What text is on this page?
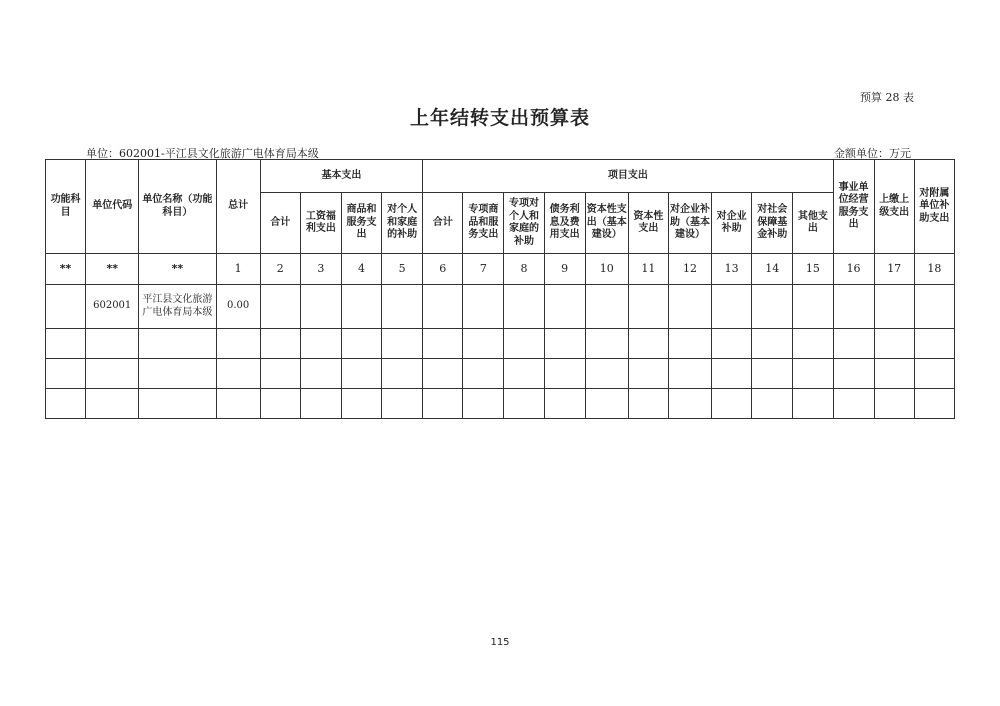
预算 28 表
上年结转支出预算表
单位：602001-平江县文化旅游广电体育局本级	金额单位：万元
功能科目	单位代码	单位名称（功能科目）	总计	基本支出				项目支出										事业单位经营服务支出	上缴上级支出	对附属单位补助支出
				合计	工资福利支出	商品和服务支出	对个人和家庭的补助	合计	专项商品和服务支出	专项对个人和家庭的补助	债务利息及费用支出	资本性支出（基本建设）	资本性支出	对企业补助（基本建设）	对企业补助	对社会保障基金补助	其他支出			
**	**	**	1	2	3	4	5	6	7	8	9	10	11	12	13	14	15	16	17	18
	602001	平江县文化旅游广电体育局本级	0.00																	

115
